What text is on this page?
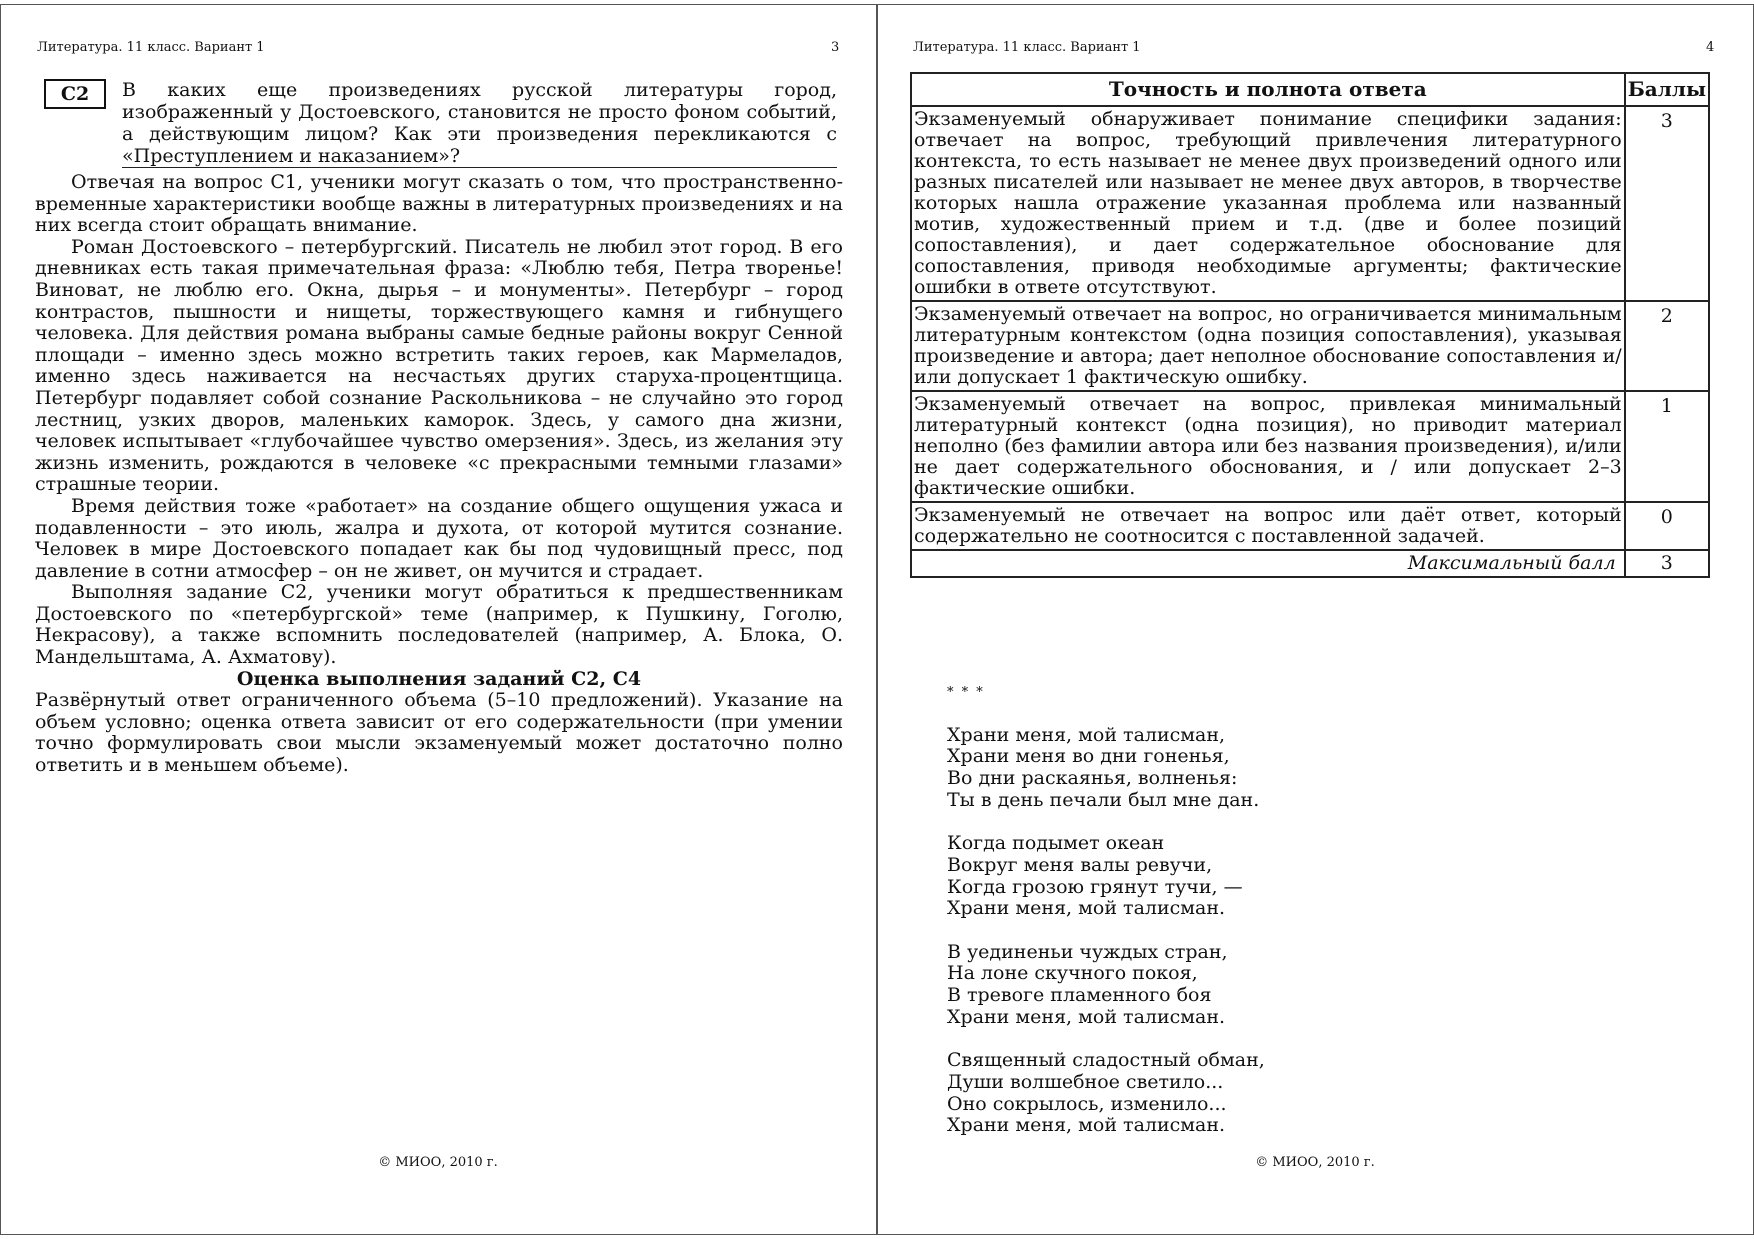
Литература. 11 класс. Вариант 1	3
С2	В каких еще произведениях русской литературы город, изображенный у Достоевского, становится не просто фоном событий, а действующим лицом? Как эти произведения перекликаются с «Преступлением и наказанием»?

Отвечая на вопрос С1, ученики могут сказать о том, что пространственно-временные характеристики вообще важны в литературных произведениях и на них всегда стоит обращать внимание.

Роман Достоевского – петербургский. Писатель не любил этот город. В его дневниках есть такая примечательная фраза: «Люблю тебя, Петра творенье! Виноват, не люблю его. Окна, дырья – и монументы». Петербург – город контрастов, пышности и нищеты, торжествующего камня и гибнущего человека. Для действия романа выбраны самые бедные районы вокруг Сенной площади – именно здесь можно встретить таких героев, как Мармеладов, именно здесь наживается на несчастьях других старуха-процентщица. Петербург подавляет собой сознание Раскольникова – не случайно это город лестниц, узких дворов, маленьких каморок. Здесь, у самого дна жизни, человек испытывает «глубочайшее чувство омерзения». Здесь, из желания эту жизнь изменить, рождаются в человеке «с прекрасными темными глазами» страшные теории.

Время действия тоже «работает» на создание общего ощущения ужаса и подавленности – это июль, жалра и духота, от которой мутится сознание. Человек в мире Достоевского попадает как бы под чудовищный пресс, под давление в сотни атмосфер – он не живет, он мучится и страдает.

Выполняя задание С2, ученики могут обратиться к предшественникам Достоевского по «петербургской» теме (например, к Пушкину, Гоголю, Некрасову), а также вспомнить последователей (например, А. Блока, О. Мандельштама, А. Ахматову).

Оценка выполнения заданий С2, С4

Развёрнутый ответ ограниченного объема (5–10 предложений). Указание на объем условно; оценка ответа зависит от его содержательности (при умении точно формулировать свои мысли экзаменуемый может достаточно полно ответить и в меньшем объеме).

© МИОО, 2010 г.
Литература. 11 класс. Вариант 1	4
Точность и полнота ответа	Баллы
Экзаменуемый обнаруживает понимание специфики задания: отвечает на вопрос, требующий привлечения литературного контекста, то есть называет не менее двух произведений одного или разных писателей или называет не менее двух авторов, в творчестве которых нашла отражение указанная проблема или названный мотив, художественный прием и т.д. (две и более позиций сопоставления), и дает содержательное обоснование для сопоставления, приводя необходимые аргументы; фактические ошибки в ответе отсутствуют.	3
Экзаменуемый отвечает на вопрос, но ограничивается минимальным литературным контекстом (одна позиция сопоставления), указывая произведение и автора; дает неполное обоснование сопоставления и/или допускает 1 фактическую ошибку.	2
Экзаменуемый отвечает на вопрос, привлекая минимальный литературный контекст (одна позиция), но приводит материал неполно (без фамилии автора или без названия произведения), и/или не дает содержательного обоснования, и / или допускает 2–3 фактические ошибки.	1
Экзаменуемый не отвечает на вопрос или даёт ответ, который содержательно не соотносится с поставленной задачей.	0
Максимальный балл	3
* * *
Храни меня, мой талисман,
Храни меня во дни гоненья,
Во дни раскаянья, волненья:
Ты в день печали был мне дан.
Когда подымет океан
Вокруг меня валы ревучи,
Когда грозою грянут тучи, —
Храни меня, мой талисман.
В уединеньи чуждых стран,
На лоне скучного покоя,
В тревоге пламенного боя
Храни меня, мой талисман.
Священный сладостный обман,
Души волшебное светило...
Оно сокрылось, изменило...
Храни меня, мой талисман.
© МИОО, 2010 г.
